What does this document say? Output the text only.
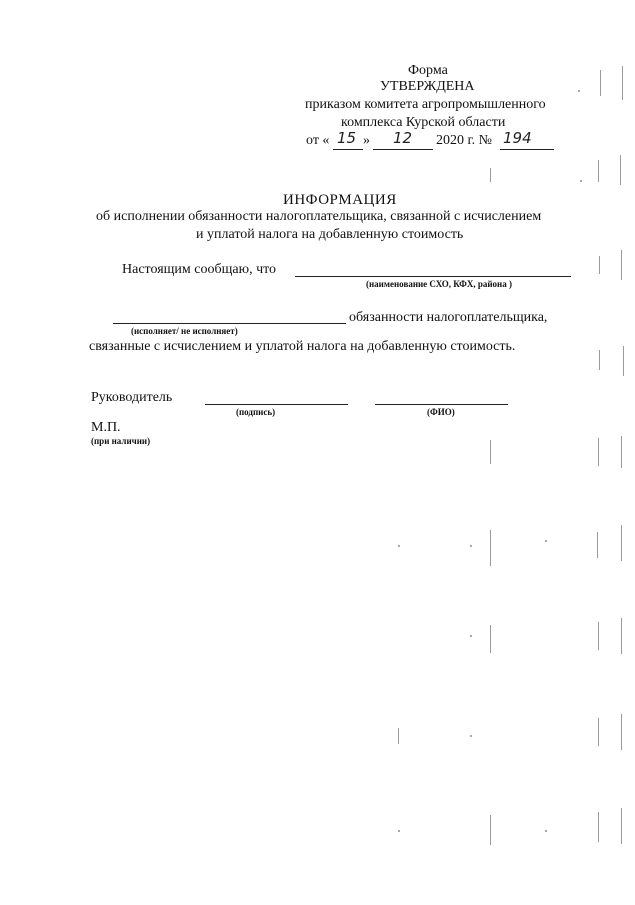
Форма
УТВЕРЖДЕНА
приказом комитета агропромышленного
комплекса Курской области
от « 15 » 12 2020 г. № 194
ИНФОРМАЦИЯ
об исполнении обязанности налогоплательщика, связанной с исчислением
и уплатой налога на добавленную стоимость
Настоящим сообщаю, что
(наименование СХО, КФХ, района )
обязанности налогоплательщика,
(исполняет/ не исполняет)
связанные с исчислением и уплатой налога на добавленную стоимость.
Руководитель
(подпись)	(ФИО)
М.П.
(при наличии)
